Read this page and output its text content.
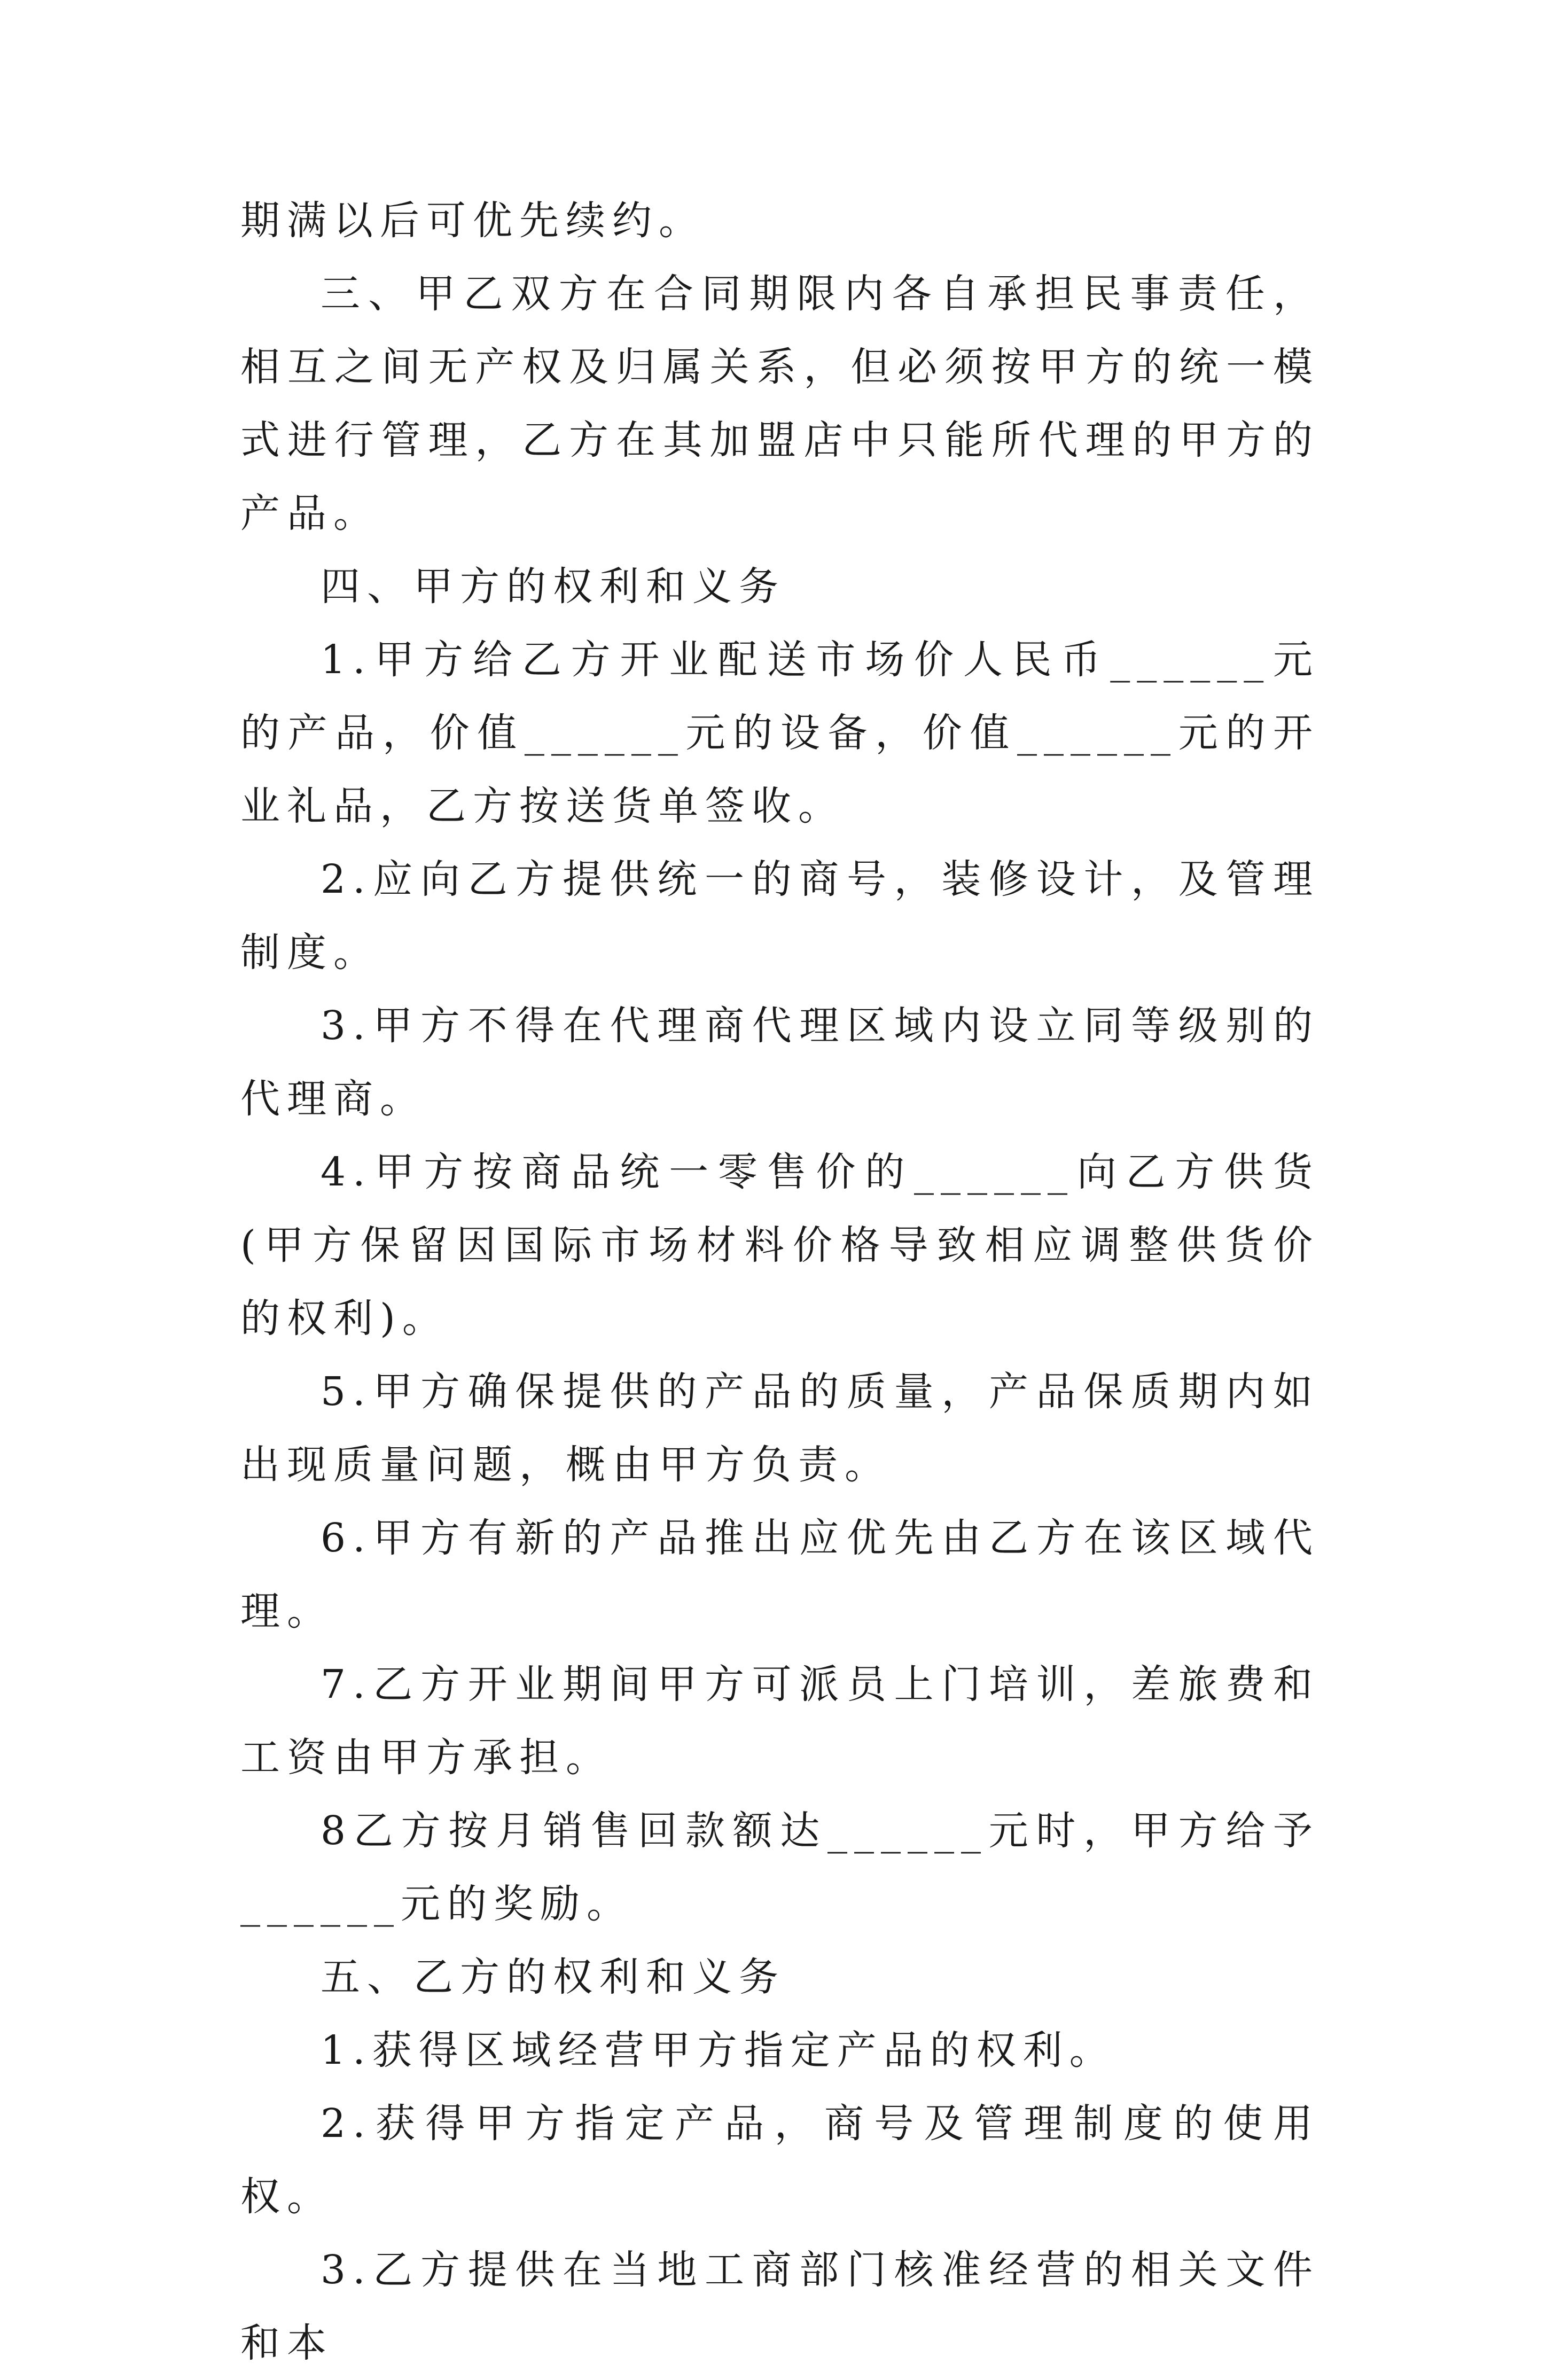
期满以后可优先续约。

三、甲乙双方在合同期限内各自承担民事责任，相互之间无产权及归属关系，但必须按甲方的统一模式进行管理，乙方在其加盟店中只能所代理的甲方的产品。

四、甲方的权利和义务

1.甲方给乙方开业配送市场价人民币______元的产品，价值______元的设备，价值______元的开业礼品，乙方按送货单签收。

2.应向乙方提供统一的商号，装修设计，及管理制度。

3.甲方不得在代理商代理区域内设立同等级别的代理商。

4.甲方按商品统一零售价的______向乙方供货(甲方保留因国际市场材料价格导致相应调整供货价的权利)。

5.甲方确保提供的产品的质量，产品保质期内如出现质量问题，概由甲方负责。

6.甲方有新的产品推出应优先由乙方在该区域代理。

7.乙方开业期间甲方可派员上门培训，差旅费和工资由甲方承担。

8乙方按月销售回款额达______元时，甲方给予______元的奖励。

五、乙方的权利和义务

1.获得区域经营甲方指定产品的权利。

2.获得甲方指定产品，商号及管理制度的使用权。

3.乙方提供在当地工商部门核准经营的相关文件和本
